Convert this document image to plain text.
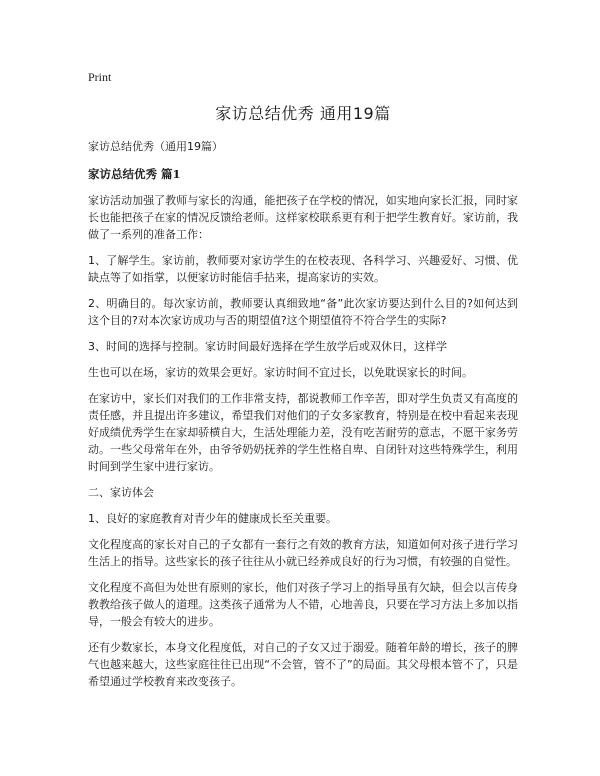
Print
家访总结优秀 通用19篇

家访总结优秀（通用19篇）

家访总结优秀 篇1

家访活动加强了教师与家长的沟通，能把孩子在学校的情况，如实地向家长汇报，同时家长也能把孩子在家的情况反馈给老师。这样家校联系更有利于把学生教育好。家访前，我做了一系列的准备工作：

1、了解学生。家访前，教师要对家访学生的在校表现、各科学习、兴趣爱好、习惯、优缺点等了如指掌，以便家访时能信手拈来，提高家访的实效。

2、明确目的。每次家访前，教师要认真细致地“备”此次家访要达到什么目的?如何达到这个目的?对本次家访成功与否的期望值?这个期望值符不符合学生的实际?

3、时间的选择与控制。家访时间最好选择在学生放学后或双休日，这样学

生也可以在场，家访的效果会更好。家访时间不宜过长，以免耽误家长的时间。

在家访中，家长们对我们的工作非常支持，都说教师工作辛苦，即对学生负责又有高度的责任感，并且提出许多建议，希望我们对他们的子女多家教育，特别是在校中看起来表现好成绩优秀学生在家却骄横自大，生活处理能力差，没有吃苦耐劳的意志，不愿干家务劳动。一些父母常年在外，由爷爷奶奶抚养的学生性格自卑、自闭针对这些特殊学生，利用时间到学生家中进行家访。

二、家访体会

1、良好的家庭教育对青少年的健康成长至关重要。

文化程度高的家长对自己的子女都有一套行之有效的教育方法，知道如何对孩子进行学习生活上的指导。这些家长的孩子往往从小就已经养成良好的行为习惯，有较强的自觉性。

文化程度不高但为处世有原则的家长，他们对孩子学习上的指导虽有欠缺，但会以言传身教教给孩子做人的道理。这类孩子通常为人不错，心地善良，只要在学习方法上多加以指导，一般会有较大的进步。

还有少数家长，本身文化程度低，对自己的子女又过于溺爱。随着年龄的增长，孩子的脾气也越来越大，这些家庭往往已出现“不会管，管不了”的局面。其父母根本管不了，只是希望通过学校教育来改变孩子。
